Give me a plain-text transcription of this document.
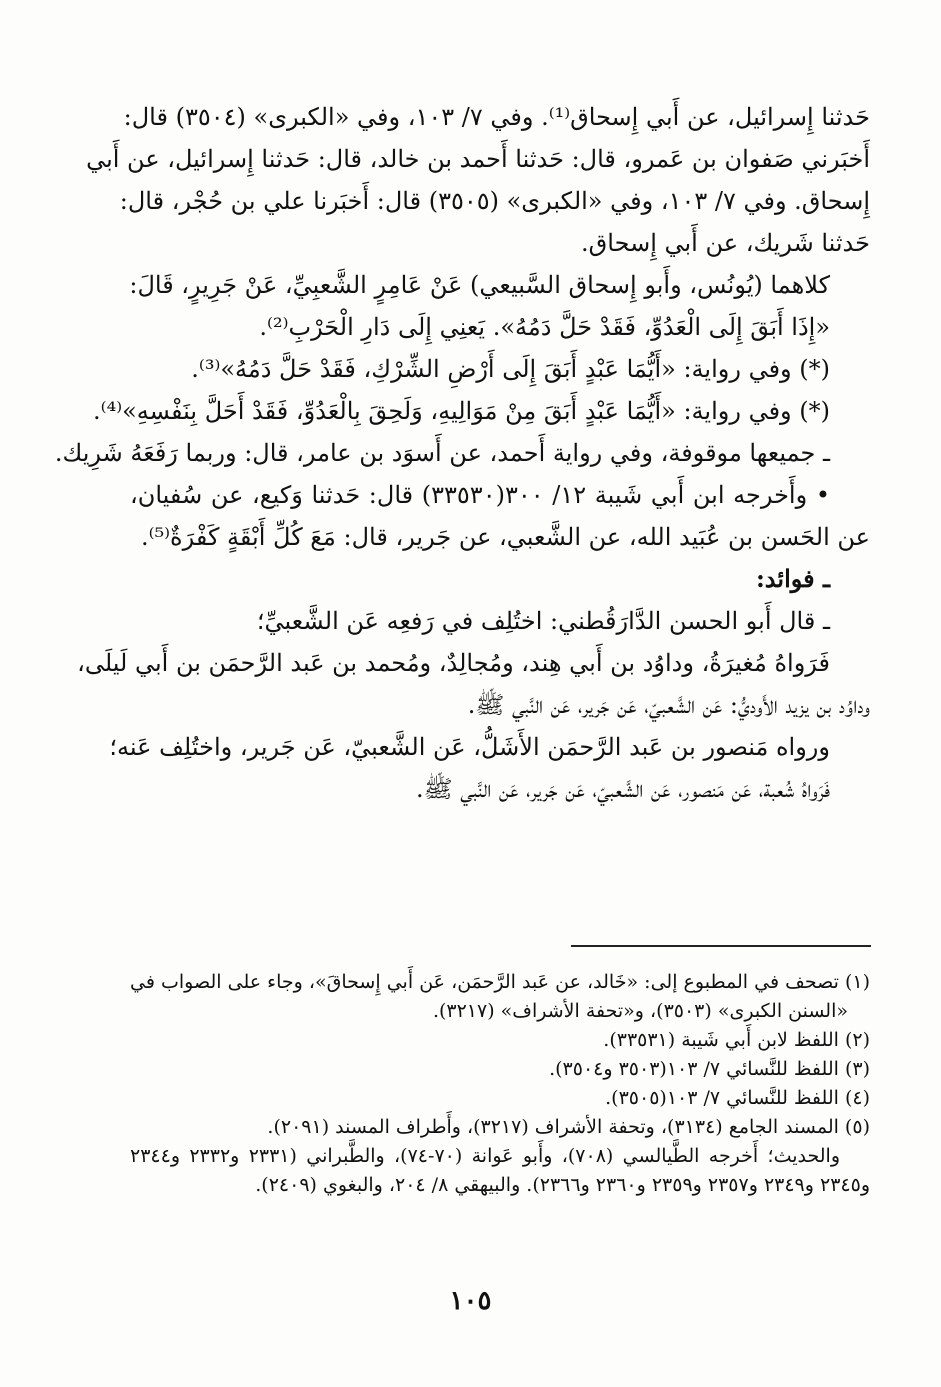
حَدثنا إِسرائيل، عن أَبي إِسحاق⁽¹⁾. وفي ٧/ ١٠٣، وفي «الكبرى» (٣٥٠٤) قال:
أَخبَرني صَفوان بن عَمرو، قال: حَدثنا أَحمد بن خالد، قال: حَدثنا إِسرائيل، عن أَبي
إِسحاق. وفي ٧/ ١٠٣، وفي «الكبرى» (٣٥٠٥) قال: أَخبَرنا علي بن حُجْر، قال:
حَدثنا شَريك، عن أَبي إِسحاق.
كلاهما (يُونُس، وأَبو إِسحاق السَّبيعي) عَنْ عَامِرٍ الشَّعبِيِّ، عَنْ جَرِيرٍ، قَالَ:
«إِذَا أَبَقَ إِلَى الْعَدُوِّ، فَقَدْ حَلَّ دَمُهُ». يَعنِي إِلَى دَارِ الْحَرْبِ⁽²⁾.
(*) وفي رواية: «أَيُّمَا عَبْدٍ أَبَقَ إِلَى أَرْضِ الشِّرْكِ، فَقَدْ حَلَّ دَمُهُ»⁽³⁾.
(*) وفي رواية: «أَيُّمَا عَبْدٍ أَبَقَ مِنْ مَوَالِيهِ، وَلَحِقَ بِالْعَدُوِّ، فَقَدْ أَحَلَّ بِنَفْسِهِ»⁽⁴⁾.
ـ جميعها موقوفة، وفي رواية أَحمد، عن أَسوَد بن عامر، قال: وربما رَفَعَهُ شَرِيك.
• وأَخرجه ابن أَبي شَيبة ١٢/ ٣٠٠(٣٣٥٣٠) قال: حَدثنا وَكيع، عن سُفيان،
عن الحَسن بن عُبَيد الله، عن الشَّعبي، عن جَرير، قال: مَعَ كُلِّ أَبْقَةٍ كَفْرَةٌ⁽⁵⁾.
ـ فوائد:
ـ قال أَبو الحسن الدَّارَقُطني: اختُلِف في رَفعِه عَن الشَّعبيِّ؛
فَرَواهُ مُغيرَةُ، وداوُد بن أَبي هِند، ومُجالِدٌ، ومُحمد بن عَبد الرَّحمَن بن أَبي لَيلَى،
وداوُد بن يزيد الأَوديُّ: عَن الشَّعبيّ، عَن جَرير، عَن النَّبي ﷺ.
ورواه مَنصور بن عَبد الرَّحمَن الأَشَلُّ، عَن الشَّعبيّ، عَن جَرير، واختُلِف عَنه؛
فَرَواهُ شُعبة، عَن مَنصور، عَن الشَّعبيّ، عَن جَرير، عَن النَّبي ﷺ.
(١) تصحف في المطبوع إلى: «خَالد، عن عَبد الرَّحمَن، عَن أَبي إِسحاقَ»، وجاء على الصواب في
«السنن الكبرى» (٣٥٠٣)، و«تحفة الأشراف» (٣٢١٧).
(٢) اللفظ لابن أَبي شَيبة (٣٣٥٣١).
(٣) اللفظ للنَّسائي ٧/ ١٠٣(٣٥٠٣ و٣٥٠٤).
(٤) اللفظ للنَّسائي ٧/ ١٠٣(٣٥٠٥).
(٥) المسند الجامع (٣١٣٤)، وتحفة الأشراف (٣٢١٧)، وأَطراف المسند (٢٠٩١).
والحديث؛ أَخرجه الطَّيالسي (٧٠٨)، وأَبو عَوانة (٧٠-٧٤)، والطَّبراني (٢٣٣١ و٢٣٣٢ و٢٣٤٤
و٢٣٤٥ و٢٣٤٩ و٢٣٥٧ و٢٣٥٩ و٢٣٦٠ و٢٣٦٦). والبيهقي ٨/ ٢٠٤، والبغوي (٢٤٠٩).
١٠٥
